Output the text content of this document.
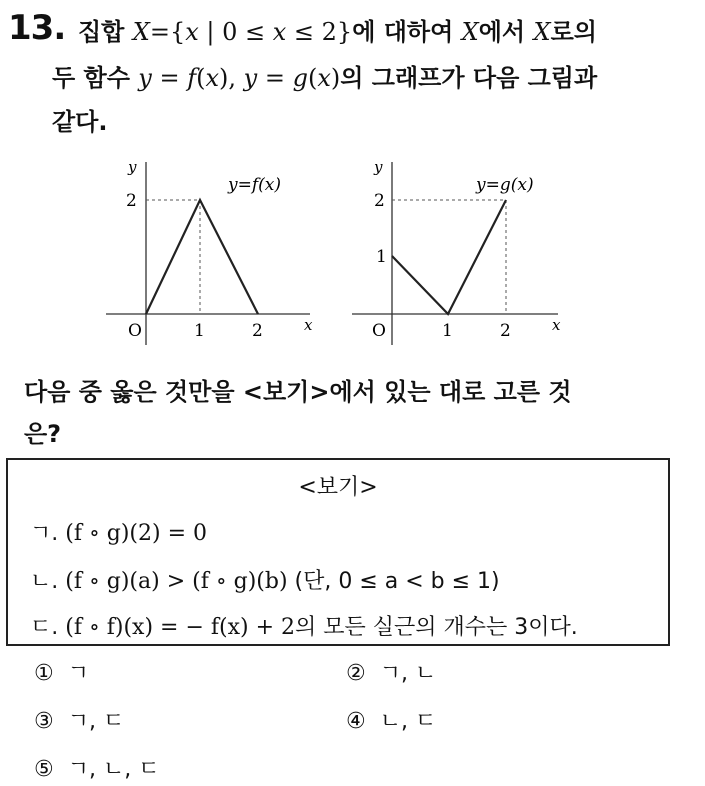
13. 집합 X={x | 0 ≤ x ≤ 2}에 대하여 X에서 X로의
두 함수 y = f(x), y = g(x)의 그래프가 다음 그림과
같다.
y
x
O	1	2
2
y=f(x)
y
x
O	1	2
1
2
y=g(x)
다음 중 옳은 것만을 <보기>에서 있는 대로 고른 것
은?
<보기>
ㄱ. (f ∘ g)(2) = 0
ㄴ. (f ∘ g)(a) > (f ∘ g)(b) (단, 0 ≤ a < b ≤ 1)
ㄷ. (f ∘ f)(x) = − f(x) + 2의 모든 실근의 개수는 3이다.
① ㄱ	② ㄱ, ㄴ
③ ㄱ, ㄷ	④ ㄴ, ㄷ
⑤ ㄱ, ㄴ, ㄷ
